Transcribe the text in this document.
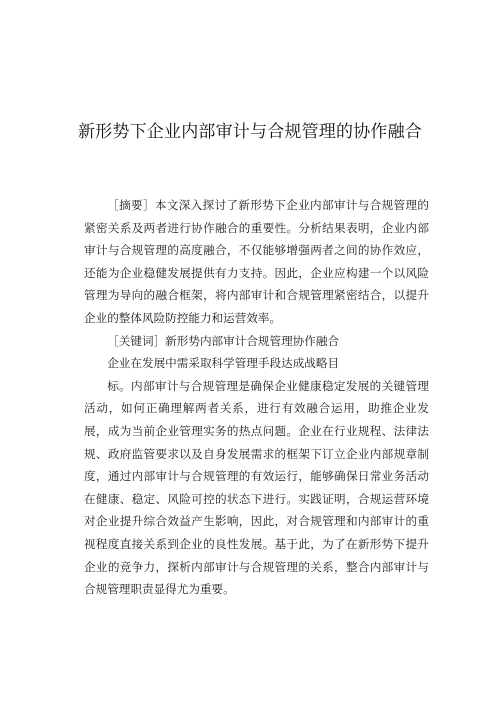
新形势下企业内部审计与合规管理的协作融合

［摘要］本文深入探讨了新形势下企业内部审计与合规管理的紧密关系及两者进行协作融合的重要性。分析结果表明，企业内部审计与合规管理的高度融合，不仅能够增强两者之间的协作效应，还能为企业稳健发展提供有力支持。因此，企业应构建一个以风险管理为导向的融合框架，将内部审计和合规管理紧密结合，以提升企业的整体风险防控能力和运营效率。

［关键词］新形势内部审计合规管理协作融合

企业在发展中需采取科学管理手段达成战略目

标。内部审计与合规管理是确保企业健康稳定发展的关键管理活动，如何正确理解两者关系，进行有效融合运用，助推企业发展，成为当前企业管理实务的热点问题。企业在行业规程、法律法规、政府监管要求以及自身发展需求的框架下订立企业内部规章制度，通过内部审计与合规管理的有效运行，能够确保日常业务活动在健康、稳定、风险可控的状态下进行。实践证明，合规运营环境对企业提升综合效益产生影响，因此，对合规管理和内部审计的重视程度直接关系到企业的良性发展。基于此，为了在新形势下提升企业的竞争力，探析内部审计与合规管理的关系，整合内部审计与合规管理职责显得尤为重要。
